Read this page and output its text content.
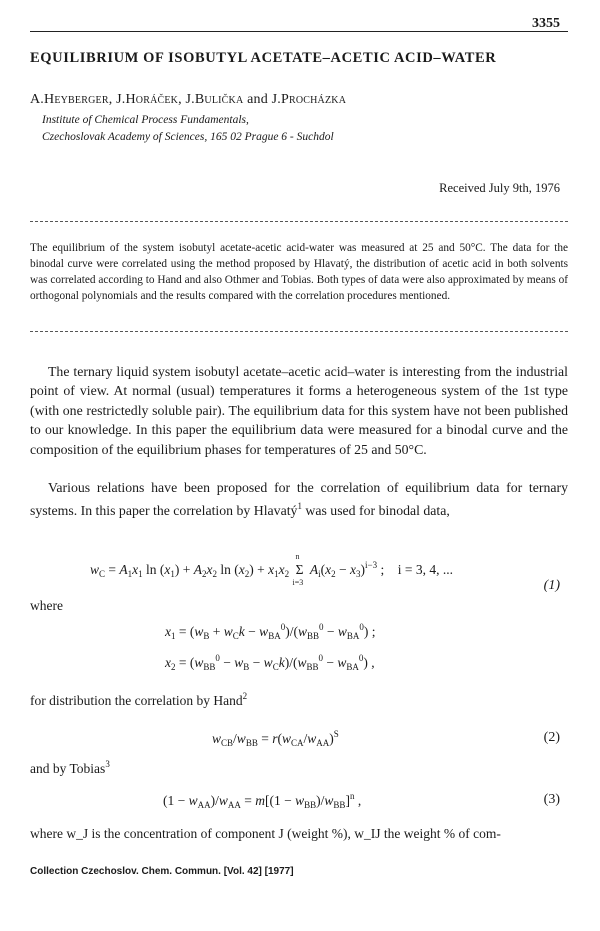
3355
EQUILIBRIUM OF ISOBUTYL ACETATE–ACETIC ACID–WATER
A.Heyberger, J.Horáček, J.Bulička and J.Procházka
Institute of Chemical Process Fundamentals,
Czechoslovak Academy of Sciences, 165 02 Prague 6 - Suchdol
Received July 9th, 1976
The equilibrium of the system isobutyl acetate-acetic acid-water was measured at 25 and 50°C. The data for the binodal curve were correlated using the method proposed by Hlavatý, the distribution of acetic acid in both solvents was correlated according to Hand and also Othmer and Tobias. Both types of data were also approximated by means of orthogonal polynomials and the results compared with the correlation procedures mentioned.
The ternary liquid system isobutyl acetate–acetic acid–water is interesting from the industrial point of view. At normal (usual) temperatures it forms a heterogeneous system of the 1st type (with one restrictedly soluble pair). The equilibrium data for this system have not been published to our knowledge. In this paper the equilibrium data were measured for a binodal curve and the composition of the equilibrium phases for temperatures of 25 and 50°C.
Various relations have been proposed for the correlation of equilibrium data for ternary systems. In this paper the correlation by Hlavatý$^1$ was used for binodal data,
$w_C = A_1x_1$ $\ln (x_1) + A_2x_2$ $\ln (x_2) + x_1x_2$
n
Σ
i=3
$A_i(x_2 - x_3)^{i-3}$ ;    i = 3, 4, ...
(1)
where
$x_1 = (w_B + w_Ck - w_{BA}^0)/(w_{BB}^0 - w_{BA}^0)$ ;
$x_2 = (w_{BB}^0 - w_B - w_Ck)/(w_{BB}^0 - w_{BA}^0)$ ,
for distribution the correlation by Hand$^2$
$w_{CB}/w_{BB} = r(w_{CA}/w_{AA})^S$	(2)
and by Tobias$^3$
$(1 - w_{AA})/w_{AA} = m[(1 - w_{BB})/w_{BB}]^n$ ,	(3)
where w_J is the concentration of component J (weight %), w_IJ the weight % of com-
Collection Czechoslov. Chem. Commun. [Vol. 42] [1977]
